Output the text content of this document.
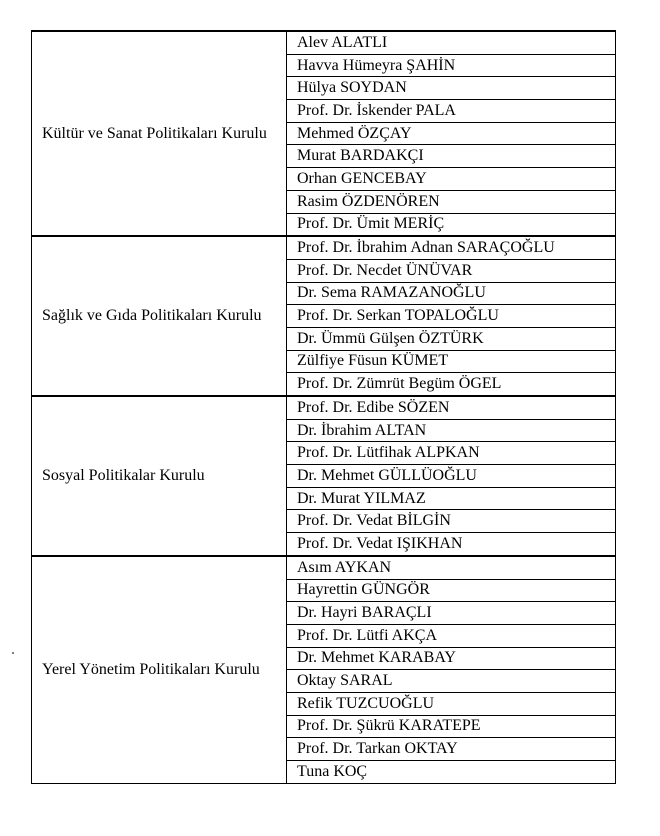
Kültür ve Sanat Politikaları Kurulu	Alev ALATLI
	Havva Hümeyra ŞAHİN
	Hülya SOYDAN
	Prof. Dr. İskender PALA
	Mehmed ÖZÇAY
	Murat BARDAKÇI
	Orhan GENCEBAY
	Rasim ÖZDENÖREN
	Prof. Dr. Ümit MERİÇ
Sağlık ve Gıda Politikaları Kurulu	Prof. Dr. İbrahim Adnan SARAÇOĞLU
	Prof. Dr. Necdet ÜNÜVAR
	Dr. Sema RAMAZANOĞLU
	Prof. Dr. Serkan TOPALOĞLU
	Dr. Ümmü Gülşen ÖZTÜRK
	Zülfiye Füsun KÜMET
	Prof. Dr. Zümrüt Begüm ÖGEL
Sosyal Politikalar Kurulu	Prof. Dr. Edibe SÖZEN
	Dr. İbrahim ALTAN
	Prof. Dr. Lütfihak ALPKAN
	Dr. Mehmet GÜLLÜOĞLU
	Dr. Murat YILMAZ
	Prof. Dr. Vedat BİLGİN
	Prof. Dr. Vedat IŞIKHAN
Yerel Yönetim Politikaları Kurulu	Asım AYKAN
	Hayrettin GÜNGÖR
	Dr. Hayri BARAÇLI
	Prof. Dr. Lütfi AKÇA
	Dr. Mehmet KARABAY
	Oktay SARAL
	Refik TUZCUOĞLU
	Prof. Dr. Şükrü KARATEPE
	Prof. Dr. Tarkan OKTAY
	Tuna KOÇ
